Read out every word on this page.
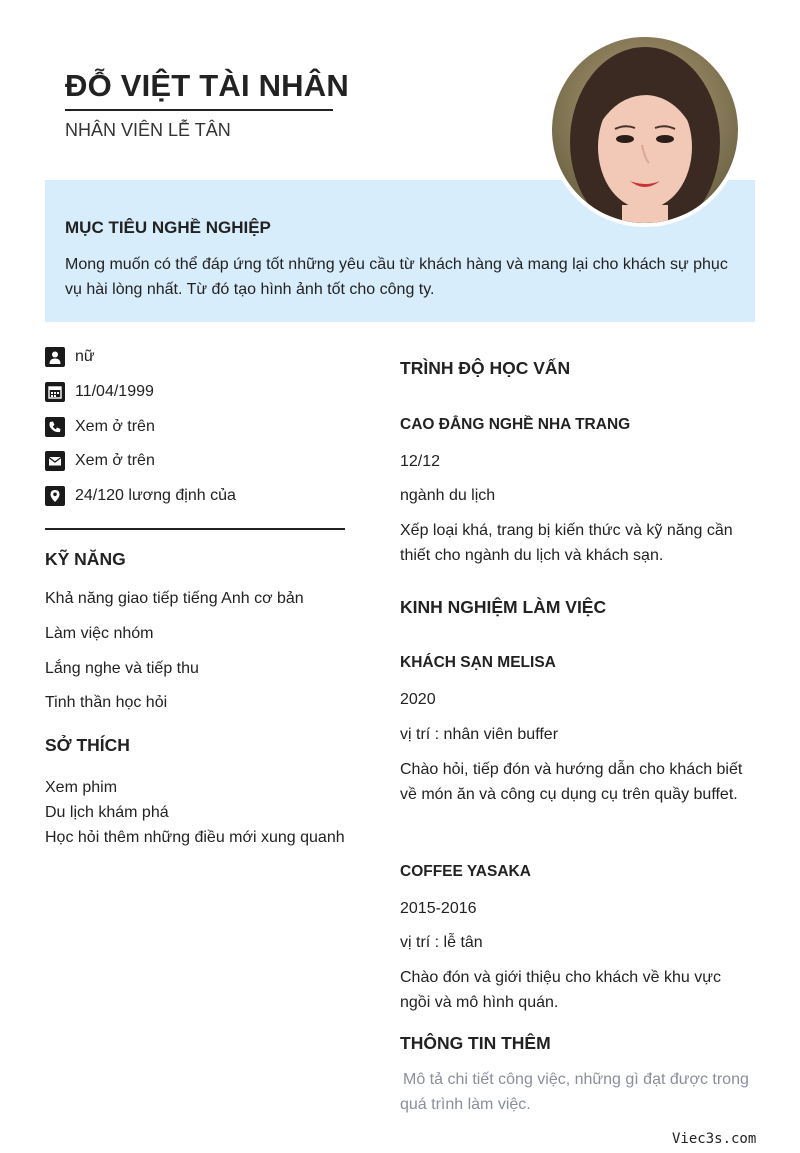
ĐỖ VIỆT TÀI NHÂN
NHÂN VIÊN LỄ TÂN
MỤC TIÊU NGHỀ NGHIỆP
Mong muốn có thể đáp ứng tốt những yêu cầu từ khách hàng và mang lại cho khách sự phục vụ hài lòng nhất. Từ đó tạo hình ảnh tốt cho công ty.
nữ
11/04/1999
Xem ở trên
Xem ở trên
24/120 lương định của
KỸ NĂNG
Khả năng giao tiếp tiếng Anh cơ bản
Làm việc nhóm
Lắng nghe và tiếp thu
Tinh thần học hỏi
SỞ THÍCH
Xem phim
Du lịch khám phá
Học hỏi thêm những điều mới xung quanh
TRÌNH ĐỘ HỌC VẤN
CAO ĐẲNG NGHỀ NHA TRANG
12/12
ngành du lịch
Xếp loại khá, trang bị kiến thức và kỹ năng cần thiết cho ngành du lịch và khách sạn.
KINH NGHIỆM LÀM VIỆC
KHÁCH SẠN MELISA
2020
vị trí : nhân viên buffer
Chào hỏi, tiếp đón và hướng dẫn cho khách biết về món ăn và công cụ dụng cụ trên quầy buffet.
COFFEE YASAKA
2015-2016
vị trí : lễ tân
Chào đón và giới thiệu cho khách về khu vực ngồi và mô hình quán.
THÔNG TIN THÊM
Mô tả chi tiết công việc, những gì đạt được trong quá trình làm việc.
Viec3s.com
